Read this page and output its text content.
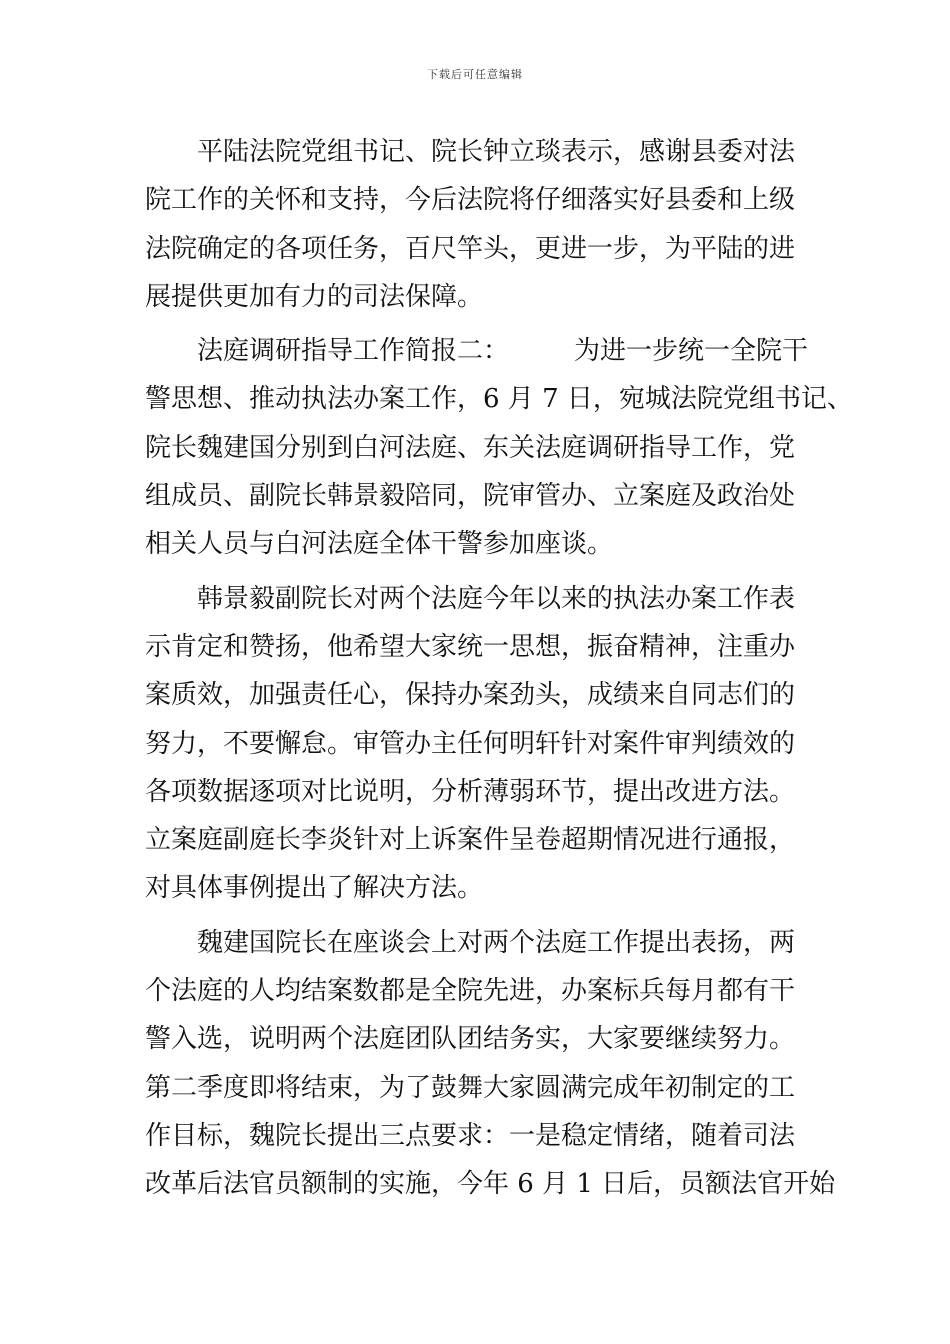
下载后可任意编辑

平陆法院党组书记、院长钟立琰表示，感谢县委对法
院工作的关怀和支持，今后法院将仔细落实好县委和上级
法院确定的各项任务，百尺竿头，更进一步，为平陆的进
展提供更加有力的司法保障。

法庭调研指导工作简报二：　　　为进一步统一全院干
警思想、推动执法办案工作，6 月 7 日，宛城法院党组书记、
院长魏建国分别到白河法庭、东关法庭调研指导工作，党
组成员、副院长韩景毅陪同，院审管办、立案庭及政治处
相关人员与白河法庭全体干警参加座谈。

韩景毅副院长对两个法庭今年以来的执法办案工作表
示肯定和赞扬，他希望大家统一思想，振奋精神，注重办
案质效，加强责任心，保持办案劲头，成绩来自同志们的
努力，不要懈怠。审管办主任何明轩针对案件审判绩效的
各项数据逐项对比说明，分析薄弱环节，提出改进方法。
立案庭副庭长李炎针对上诉案件呈卷超期情况进行通报，
对具体事例提出了解决方法。

魏建国院长在座谈会上对两个法庭工作提出表扬，两
个法庭的人均结案数都是全院先进，办案标兵每月都有干
警入选，说明两个法庭团队团结务实，大家要继续努力。
第二季度即将结束，为了鼓舞大家圆满完成年初制定的工
作目标，魏院长提出三点要求：一是稳定情绪，随着司法
改革后法官员额制的实施，今年 6 月 1 日后，员额法官开始
